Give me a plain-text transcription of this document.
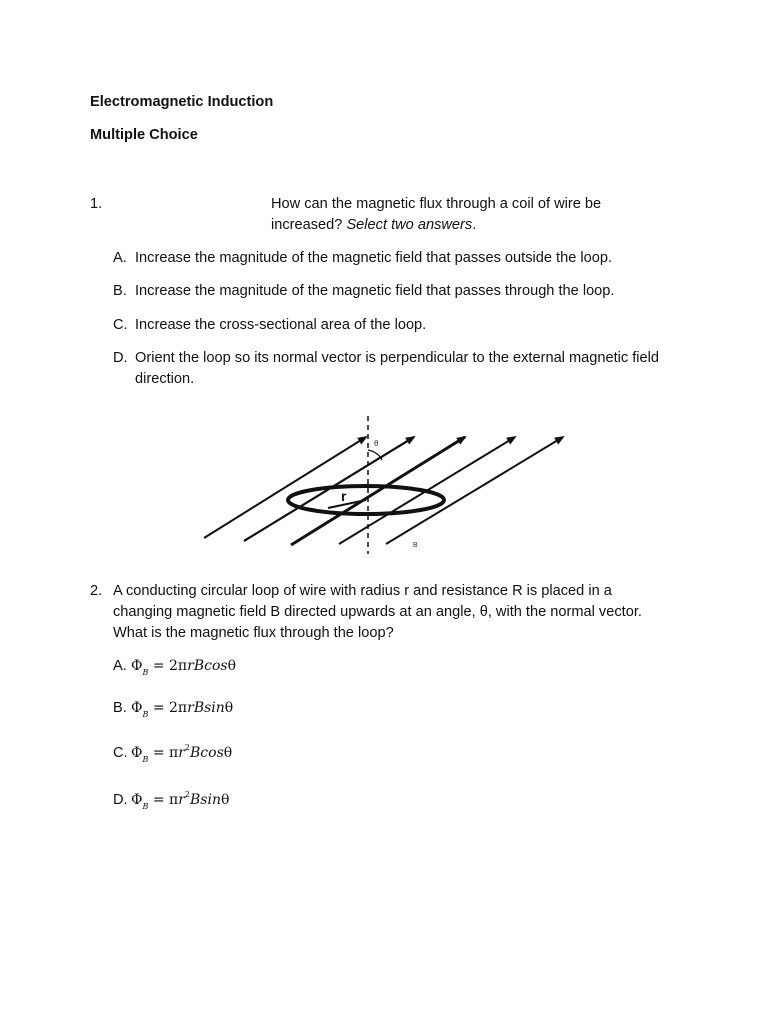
Electromagnetic Induction
Multiple Choice
1.	How can the magnetic flux through a coil of wire be increased? Select two answers.
A. Increase the magnitude of the magnetic field that passes outside the loop.
B. Increase the magnitude of the magnetic field that passes through the loop.
C. Increase the cross-sectional area of the loop.
D. Orient the loop so its normal vector is perpendicular to the external magnetic field direction.
r
θ
B
2. A conducting circular loop of wire with radius r and resistance R is placed in a changing magnetic field B directed upwards at an angle, θ, with the normal vector. What is the magnetic flux through the loop?
A. $\Phi_B = 2\pi rBcos\theta$
B. $\Phi_B = 2\pi rBsin\theta$
C. $\Phi_B = \pi r^2Bcos\theta$
D. $\Phi_B = \pi r^2Bsin\theta$
